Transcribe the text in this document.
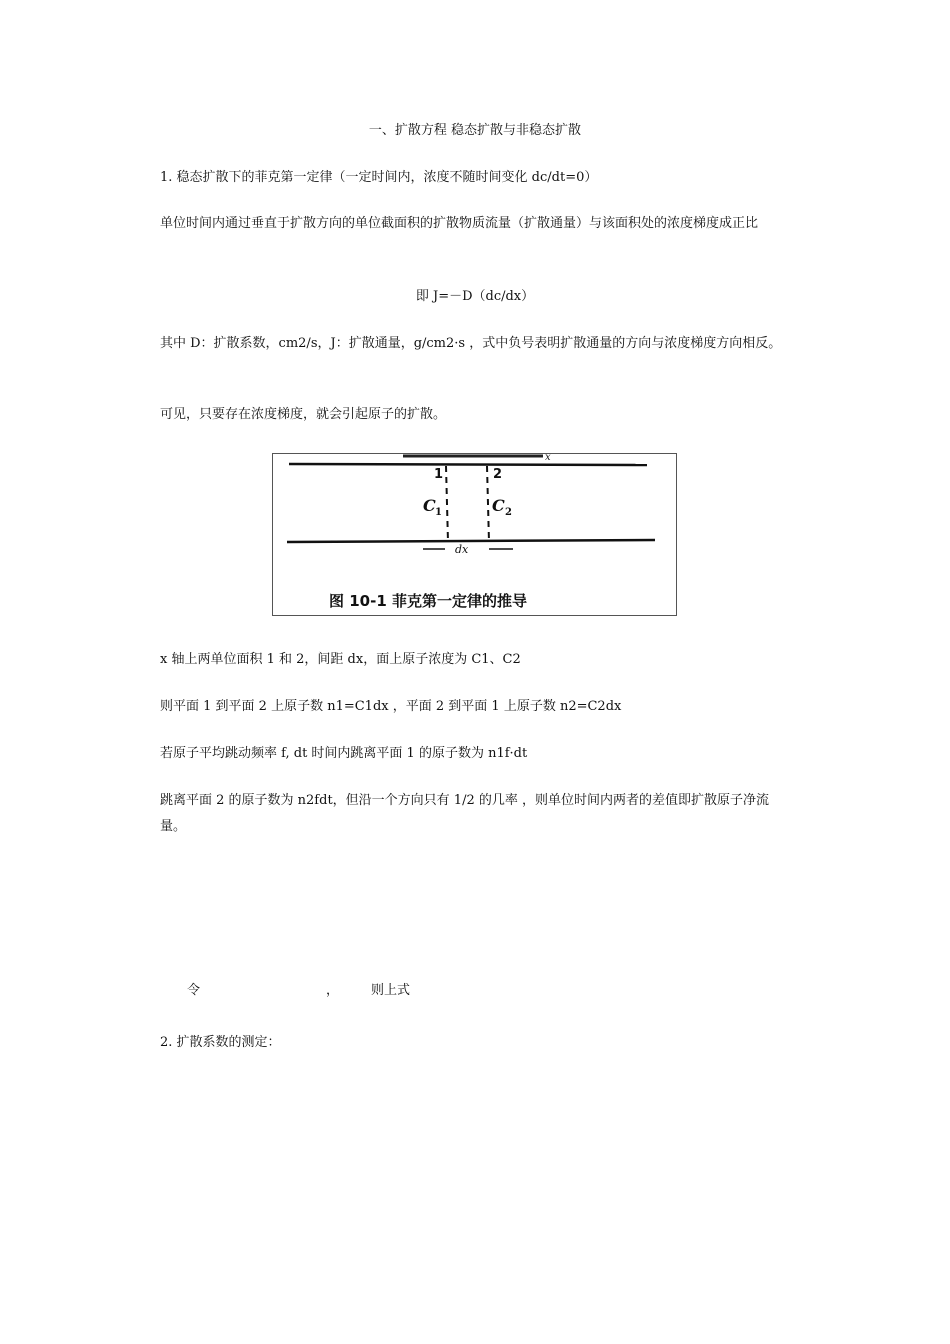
一、扩散方程 稳态扩散与非稳态扩散
1. 稳态扩散下的菲克第一定律（一定时间内，浓度不随时间变化 dc/dt=0）
单位时间内通过垂直于扩散方向的单位截面积的扩散物质流量（扩散通量）与该面积处的浓度梯度成正比
即 J=－D（dc/dx）
其中 D：扩散系数，cm2/s，J：扩散通量，g/cm2·s ，式中负号表明扩散通量的方向与浓度梯度方向相反。
可见，只要存在浓度梯度，就会引起原子的扩散。
x
1	2
C 1	C 2
dx
图 10-1 菲克第一定律的推导
x 轴上两单位面积 1 和 2，间距 dx，面上原子浓度为 C1、C2
则平面 1 到平面 2 上原子数 n1=C1dx ，平面 2 到平面 1 上原子数 n2=C2dx
若原子平均跳动频率 f, dt 时间内跳离平面 1 的原子数为 n1f·dt
跳离平面 2 的原子数为 n2fdt，但沿一个方向只有 1/2 的几率 ，则单位时间内两者的差值即扩散原子净流量。
令	， 则上式
2. 扩散系数的测定：
